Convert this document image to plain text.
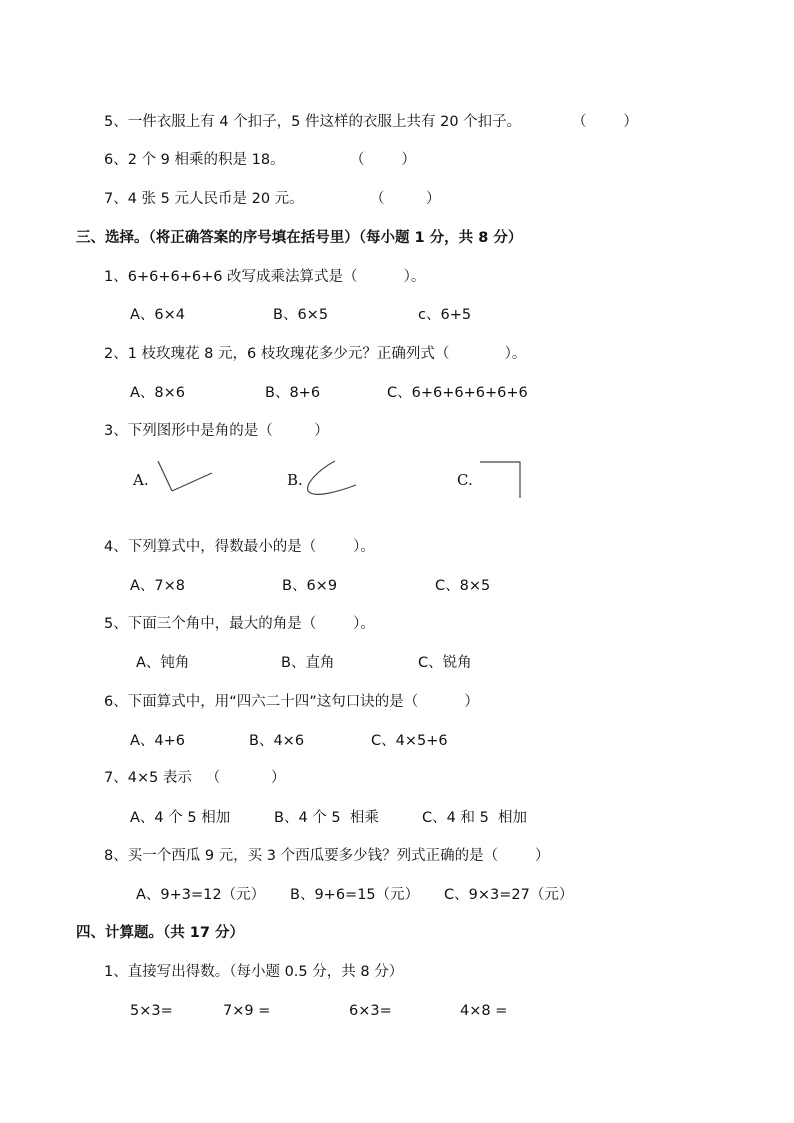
5、一件衣服上有 4 个扣子，5 件这样的衣服上共有 20 个扣子。	（        ）
6、2 个 9 相乘的积是 18。	（        ）
7、4 张 5 元人民币是 20 元。	（         ）
三、选择。（将正确答案的序号填在括号里）（每小题 1 分，共 8 分）
1、6+6+6+6+6 改写成乘法算式是（          ）。
A、6×4	B、6×5	c、6+5
2、1 枝玫瑰花 8 元，6 枝玫瑰花多少元？正确列式（            ）。
A、8×6	B、8+6	C、6+6+6+6+6+6
3、下列图形中是角的是（         ）
A.	B.	C.
4、下列算式中，得数最小的是（        ）。
A、7×8	B、6×9	C、8×5
5、下面三个角中，最大的角是（        ）。
A、钝角	B、直角	C、锐角
6、下面算式中，用“四六二十四”这句口诀的是（          ）
A、4+6	B、4×6	C、4×5+6
7、4×5 表示   （           ）
A、4 个 5 相加	B、4 个 5  相乘	C、4 和 5  相加
8、买一个西瓜 9 元，买 3 个西瓜要多少钱？列式正确的是（        ）
A、9+3=12（元） B、9+6=15（元） C、9×3=27（元）
四、计算题。（共 17 分）
1、直接写出得数。（每小题 0.5 分，共 8 分）
5×3=	7×9 =	6×3=	4×8 =
